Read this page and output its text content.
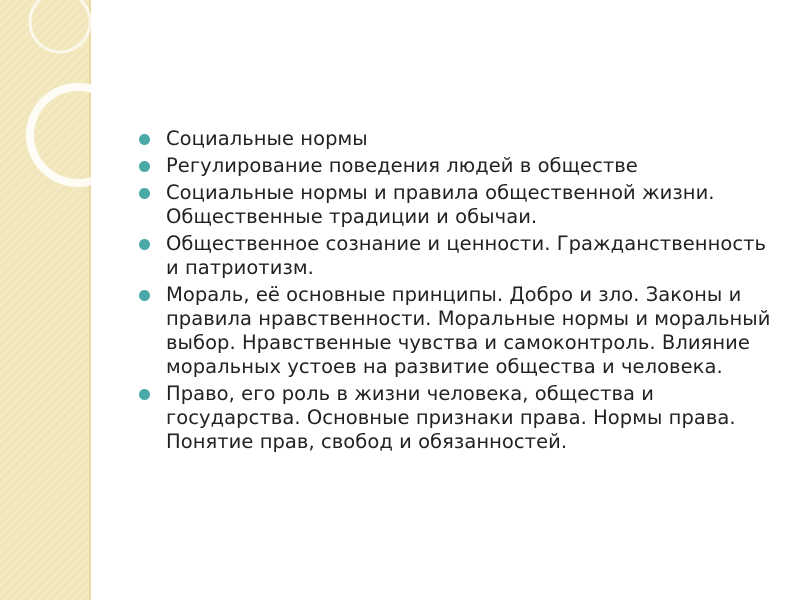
Социальные нормы
Регулирование поведения людей в обществе
Социальные нормы и правила общественной жизни. Общественные традиции и обычаи.
Общественное сознание и ценности. Гражданственность и патриотизм.
Мораль, её основные принципы. Добро и зло. Законы и правила нравственности. Моральные нормы и моральный выбор. Нравственные чувства и самоконтроль. Влияние моральных устоев на развитие общества и человека.
Право, его роль в жизни человека, общества и государства. Основные признаки права. Нормы права. Понятие прав, свобод и обязанностей.
